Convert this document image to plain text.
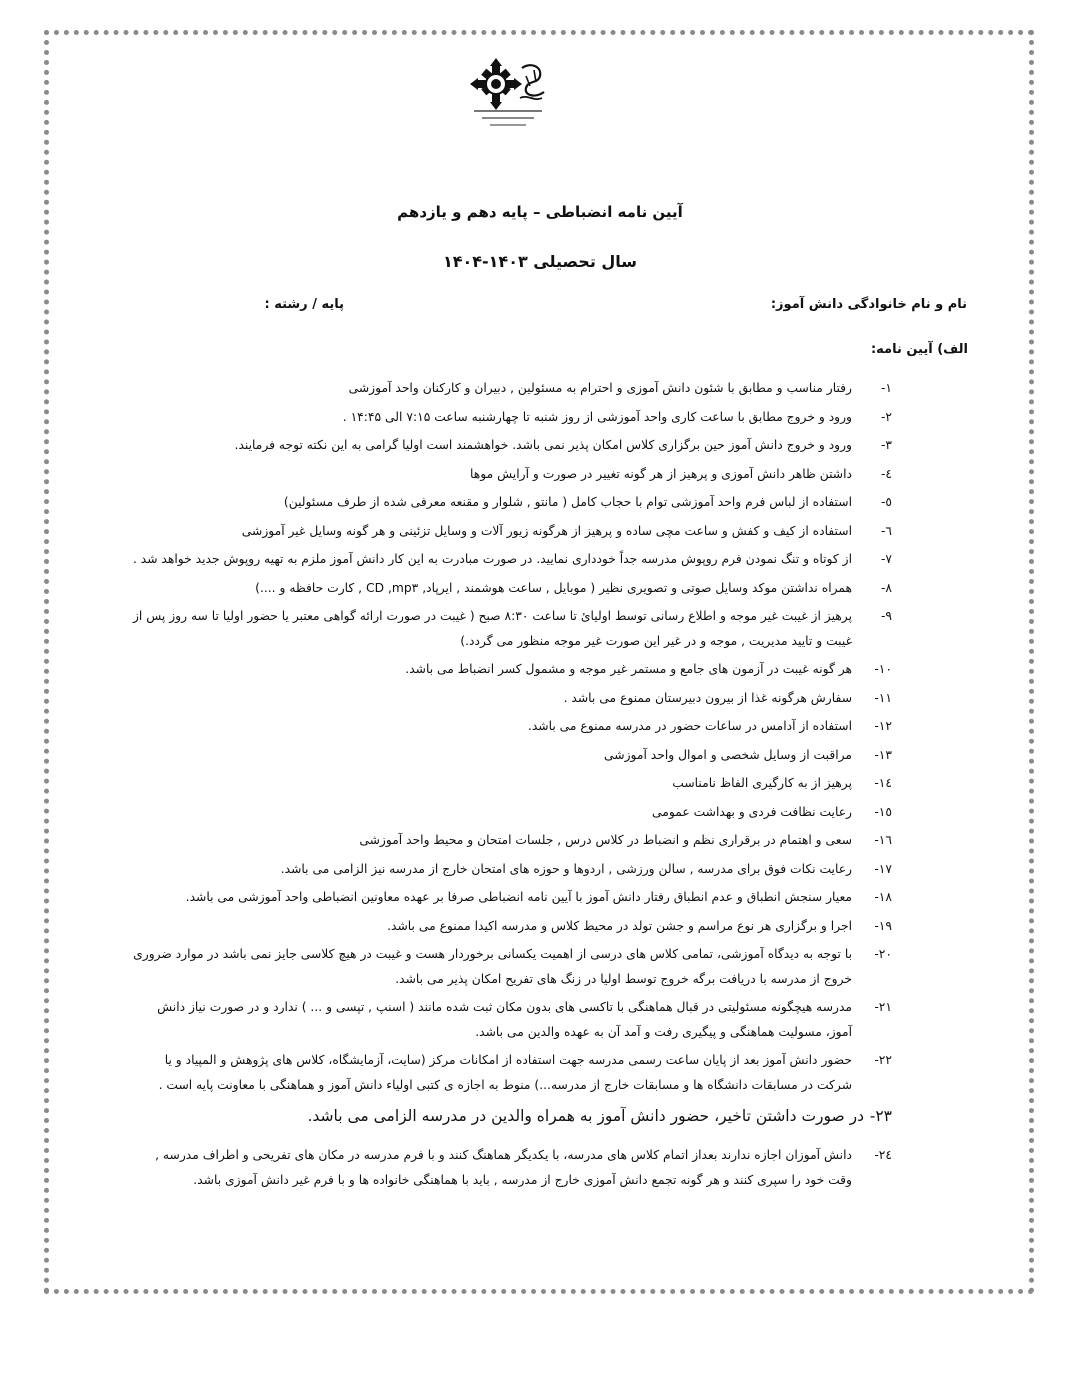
آیین نامه انضباطی – پایه دهم و یازدهم
سال تحصیلی ۱۴۰۳-۱۴۰۴
نام و نام خانوادگی دانش آموز:
پایه / رشته :
الف) آیین نامه:
۱-
رفتار مناسب و مطابق با شئون دانش آموزی و احترام به مسئولین , دبیران و کارکنان واحد آموزشی
۲-
ورود و خروج مطابق با ساعت کاری واحد آموزشی از روز شنبه تا چهارشنبه ساعت ۷:۱۵ الی ۱۴:۴۵ .
۳-
ورود و خروج دانش آموز حین برگزاری کلاس امکان پذیر نمی باشد. خواهشمند است اولیا گرامی به این نکته توجه فرمایند.
٤-
داشتن ظاهر دانش آموزی و پرهیز از هر گونه تغییر در صورت و آرایش موها
٥-
استفاده از لباس فرم واحد آموزشی توام با حجاب کامل ( مانتو , شلوار و مقنعه معرفی شده از طرف مسئولین)
٦-
استفاده از کیف و کفش و ساعت مچی ساده و پرهیز از هرگونه زیور آلات و وسایل تزئینی و هر گونه وسایل غیر آموزشی
٧-
از کوتاه و تنگ نمودن فرم روپوش مدرسه جداً خودداری نمایید. در صورت مبادرت به این کار دانش آموز ملزم به تهیه روپوش جدید خواهد شد .
٨-
همراه نداشتن موکد وسایل صوتی و تصویری نظیر ( موبایل , ساعت هوشمند , ایرپاد, CD ,mp۳ , کارت حافظه و ....)
٩-
پرهیز از غیبت غیر موجه و اطلاع رسانی توسط اولیائ تا ساعت ۸:۳۰ صبح ( غیبت در صورت ارائه گواهی معتبر یا حضور اولیا تا سه روز پس از غیبت و تایید مدیریت , موجه و در غیر این صورت غیر موجه منظور می گردد.)
۱۰-
هر گونه غیبت در آزمون های جامع و مستمر غیر موجه و مشمول کسر انضباط می باشد.
۱۱-
سفارش هرگونه غذا از بیرون دبیرستان ممنوع می باشد .
۱۲-
استفاده از آدامس در ساعات حضور در مدرسه ممنوع می باشد.
۱۳-
مراقبت از وسایل شخصی و اموال واحد آموزشی
۱٤-
پرهیز از به کارگیری الفاظ نامناسب
۱٥-
رعایت نظافت فردی و بهداشت عمومی
۱٦-
سعی و اهتمام در برقراری نظم و انضباط در کلاس درس , جلسات امتحان و محیط واحد آموزشی
۱٧-
رعایت نکات فوق برای مدرسه , سالن ورزشی , اردوها و حوزه های امتحان خارج از مدرسه نیز الزامی می باشد.
۱٨-
معیار سنجش انطباق و عدم انطباق رفتار دانش آموز با آیین نامه انضباطی صرفا بر عهده معاونین انضباطی واحد آموزشی می باشد.
۱٩-
اجرا و برگزاری هر نوع مراسم و جشن تولد در محیط کلاس و مدرسه اکیدا ممنوع می باشد.
۲۰-
با توجه به دیدگاه آموزشی، تمامی کلاس های درسی از اهمیت یکسانی برخوردار هست و غیبت در هیچ کلاسی جایز نمی باشد در موارد ضروری خروج از مدرسه با دریافت برگه خروج توسط اولیا در زنگ های تفریح امکان پذیر می باشد.
۲۱-
مدرسه هیچگونه مسئولیتی در قبال هماهنگی با تاکسی های بدون مکان ثبت شده مانند ( اسنپ , تپسی و ... ) ندارد و در صورت نیاز دانش آموز، مسولیت هماهنگی و پیگیری رفت و آمد آن به عهده والدین می باشد.
۲۲-
حضور دانش آموز بعد از پایان ساعت رسمی مدرسه جهت استفاده از امکانات مرکز (سایت، آزمایشگاه، کلاس های پژوهش و المپیاد و یا شرکت در مسابقات دانشگاه ها و مسابقات خارج از مدرسه...) منوط به اجازه ی کتبی اولیاء دانش آموز و هماهنگی با معاونت پایه است .
۲۳-
در صورت داشتن تاخیر، حضور دانش آموز به همراه والدین در مدرسه الزامی می باشد.
۲٤-
دانش آموزان اجازه ندارند بعداز اتمام کلاس های مدرسه، با یکدیگر هماهنگ کنند و با فرم مدرسه در مکان های تفریحی و اطراف مدرسه , وقت خود را سپری کنند و هر گونه تجمع دانش آموزی خارج از مدرسه , باید با هماهنگی خانواده ها و با فرم غیر دانش آموزی باشد.
